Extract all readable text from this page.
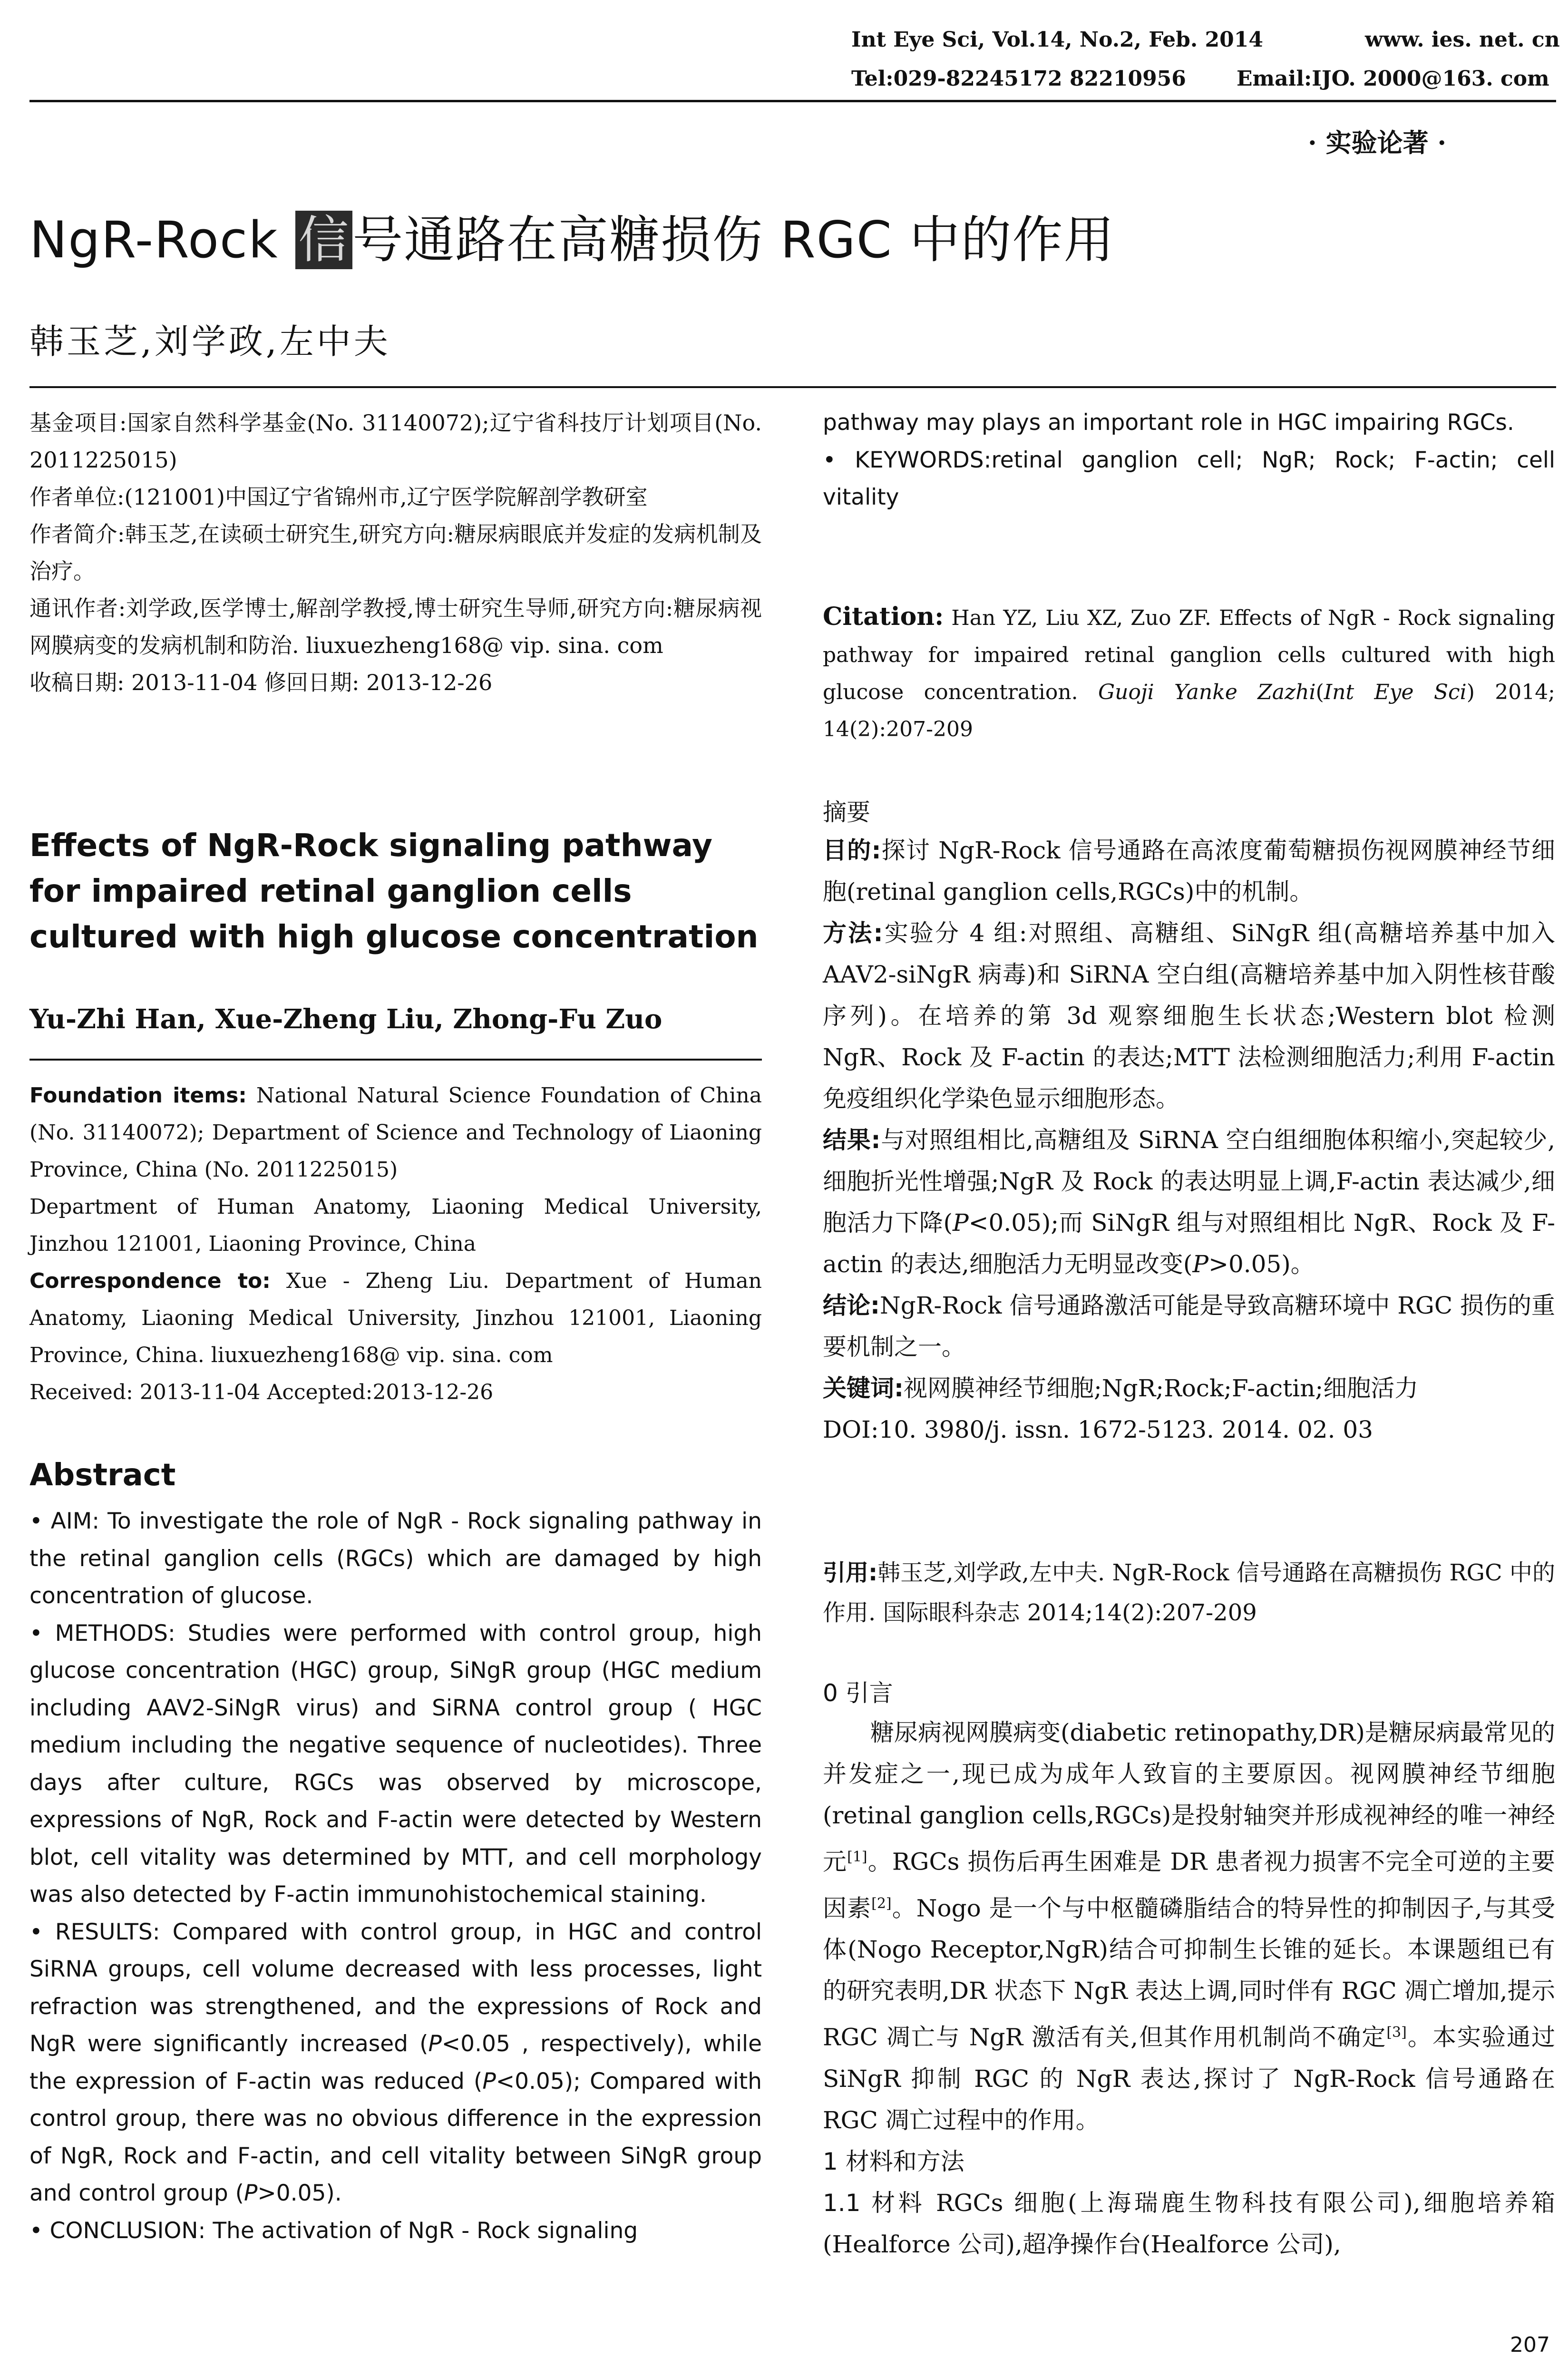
Int Eye Sci, Vol.14, No.2, Feb. 2014	www. ies. net. cn
Tel:029-82245172 82210956 Email:IJO. 2000@163. com
· 实验论著 ·
NgR-Rock 信号通路在高糖损伤 RGC 中的作用
韩玉芝,刘学政,左中夫

基金项目:国家自然科学基金(No. 31140072);辽宁省科技厅计划项目(No. 2011225015)

作者单位:(121001)中国辽宁省锦州市,辽宁医学院解剖学教研室

作者简介:韩玉芝,在读硕士研究生,研究方向:糖尿病眼底并发症的发病机制及治疗。

通讯作者:刘学政,医学博士,解剖学教授,博士研究生导师,研究方向:糖尿病视网膜病变的发病机制和防治. liuxuezheng168@ vip. sina. com

收稿日期: 2013-11-04 修回日期: 2013-12-26

Effects of NgR-Rock signaling pathway for impaired retinal ganglion cells cultured with high glucose concentration
Yu-Zhi Han, Xue-Zheng Liu, Zhong-Fu Zuo

Foundation items: National Natural Science Foundation of China (No. 31140072); Department of Science and Technology of Liaoning Province, China (No. 2011225015)

Department of Human Anatomy, Liaoning Medical University, Jinzhou 121001, Liaoning Province, China

Correspondence to: Xue - Zheng Liu. Department of Human Anatomy, Liaoning Medical University, Jinzhou 121001, Liaoning Province, China. liuxuezheng168@ vip. sina. com

Received: 2013-11-04 Accepted:2013-12-26

Abstract

• AIM: To investigate the role of NgR - Rock signaling pathway in the retinal ganglion cells (RGCs) which are damaged by high concentration of glucose.

• METHODS: Studies were performed with control group, high glucose concentration (HGC) group, SiNgR group (HGC medium including AAV2-SiNgR virus) and SiRNA control group ( HGC medium including the negative sequence of nucleotides). Three days after culture, RGCs was observed by microscope, expressions of NgR, Rock and F-actin were detected by Western blot, cell vitality was determined by MTT, and cell morphology was also detected by F-actin immunohistochemical staining.

• RESULTS: Compared with control group, in HGC and control SiRNA groups, cell volume decreased with less processes, light refraction was strengthened, and the expressions of Rock and NgR were significantly increased (P<0.05 , respectively), while the expression of F-actin was reduced (P<0.05); Compared with control group, there was no obvious difference in the expression of NgR, Rock and F-actin, and cell vitality between SiNgR group and control group (P>0.05).

• CONCLUSION: The activation of NgR - Rock signaling

pathway may plays an important role in HGC impairing RGCs.

• KEYWORDS:retinal ganglion cell; NgR; Rock; F-actin; cell vitality

Citation: Han YZ, Liu XZ, Zuo ZF. Effects of NgR - Rock signaling pathway for impaired retinal ganglion cells cultured with high glucose concentration. Guoji Yanke Zazhi(Int Eye Sci) 2014; 14(2):207-209

摘要

目的:探讨 NgR-Rock 信号通路在高浓度葡萄糖损伤视网膜神经节细胞(retinal ganglion cells,RGCs)中的机制。

方法:实验分 4 组:对照组、高糖组、SiNgR 组(高糖培养基中加入 AAV2-siNgR 病毒)和 SiRNA 空白组(高糖培养基中加入阴性核苷酸序列)。在培养的第 3d 观察细胞生长状态;Western blot 检测 NgR、Rock 及 F-actin 的表达;MTT 法检测细胞活力;利用 F-actin 免疫组织化学染色显示细胞形态。

结果:与对照组相比,高糖组及 SiRNA 空白组细胞体积缩小,突起较少,细胞折光性增强;NgR 及 Rock 的表达明显上调,F-actin 表达减少,细胞活力下降(P<0.05);而 SiNgR 组与对照组相比 NgR、Rock 及 F-actin 的表达,细胞活力无明显改变(P>0.05)。

结论:NgR-Rock 信号通路激活可能是导致高糖环境中 RGC 损伤的重要机制之一。

关键词:视网膜神经节细胞;NgR;Rock;F-actin;细胞活力

DOI:10. 3980/j. issn. 1672-5123. 2014. 02. 03

引用:韩玉芝,刘学政,左中夫. NgR-Rock 信号通路在高糖损伤 RGC 中的作用. 国际眼科杂志 2014;14(2):207-209

0 引言

糖尿病视网膜病变(diabetic retinopathy,DR)是糖尿病最常见的并发症之一,现已成为成年人致盲的主要原因。视网膜神经节细胞(retinal ganglion cells,RGCs)是投射轴突并形成视神经的唯一神经元[1]。RGCs 损伤后再生困难是 DR 患者视力损害不完全可逆的主要因素[2]。Nogo 是一个与中枢髓磷脂结合的特异性的抑制因子,与其受体(Nogo Receptor,NgR)结合可抑制生长锥的延长。本课题组已有的研究表明,DR 状态下 NgR 表达上调,同时伴有 RGC 凋亡增加,提示 RGC 凋亡与 NgR 激活有关,但其作用机制尚不确定[3]。本实验通过 SiNgR 抑制 RGC 的 NgR 表达,探讨了 NgR-Rock 信号通路在 RGC 凋亡过程中的作用。

1 材料和方法

1.1 材料 RGCs 细胞(上海瑞鹿生物科技有限公司),细胞培养箱(Healforce 公司),超净操作台(Healforce 公司),

207
